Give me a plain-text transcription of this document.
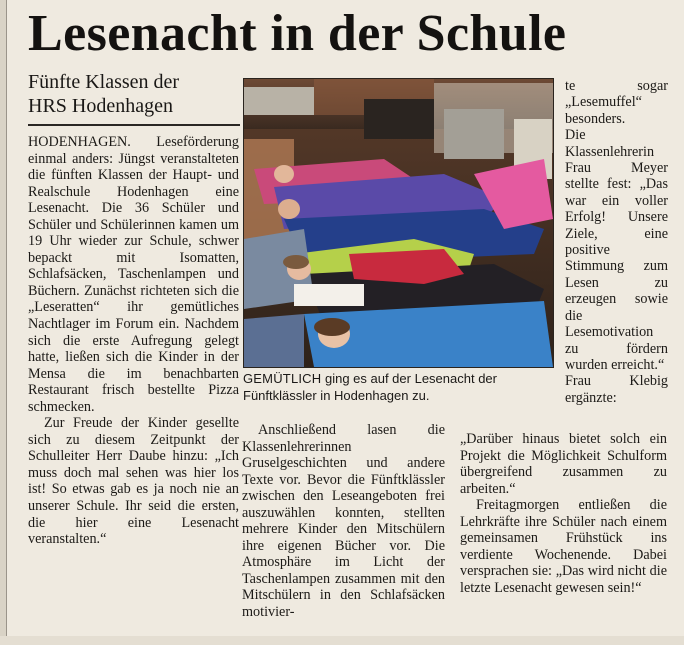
Lesenacht in der Schule
Fünfte Klassen der
HRS Hodenhagen

HODENHAGEN. Leseförderung einmal anders: Jüngst veranstalteten die fünften Klassen der Haupt- und Realschule Hodenhagen eine Lesenacht. Die 36 Schüler und Schüler und Schülerinnen kamen um 19 Uhr wieder zur Schule, schwer bepackt mit Isomatten, Schlafsäcken, Taschenlampen und Büchern. Zunächst richteten sich die „Leseratten“ ihr gemütliches Nachtlager im Forum ein. Nachdem sich die erste Aufregung gelegt hatte, ließen sich die Kinder in der Mensa die im benachbarten Restaurant frisch bestellte Pizza schmecken.

Zur Freude der Kinder gesellte sich zu diesem Zeitpunkt der Schulleiter Herr Daube hinzu: „Ich muss doch mal sehen was hier los ist! So etwas gab es ja noch nie an unserer Schule. Ihr seid die ersten, die hier eine Lesenacht veranstalten.“

GEMÜTLICH ging es auf der Lesenacht der Fünftklässler in Hodenhagen zu.

te sogar „Lesemuffel“ besonders.

Die Klassenlehrerin Frau Meyer stellte fest: „Das war ein voller Erfolg! Unsere Ziele, eine positive Stimmung zum Lesen zu erzeugen sowie die Lesemotivation zu fördern wurden erreicht.“

Frau Klebig ergänzte:

Anschließend lasen die Klassenlehrerinnen Gruselgeschichten und andere Texte vor. Bevor die Fünftklässler zwischen den Leseangeboten frei auszuwählen konnten, stellten mehrere Kinder den Mitschülern ihre eigenen Bücher vor. Die Atmosphäre im Licht der Taschenlampen zusammen mit den Mitschülern in den Schlafsäcken motivier-

„Darüber hinaus bietet solch ein Projekt die Möglichkeit Schulform übergreifend zusammen zu arbeiten.“

Freitagmorgen entließen die Lehrkräfte ihre Schüler nach einem gemeinsamen Frühstück ins verdiente Wochenende. Dabei versprachen sie: „Das wird nicht die letzte Lesenacht gewesen sein!“
